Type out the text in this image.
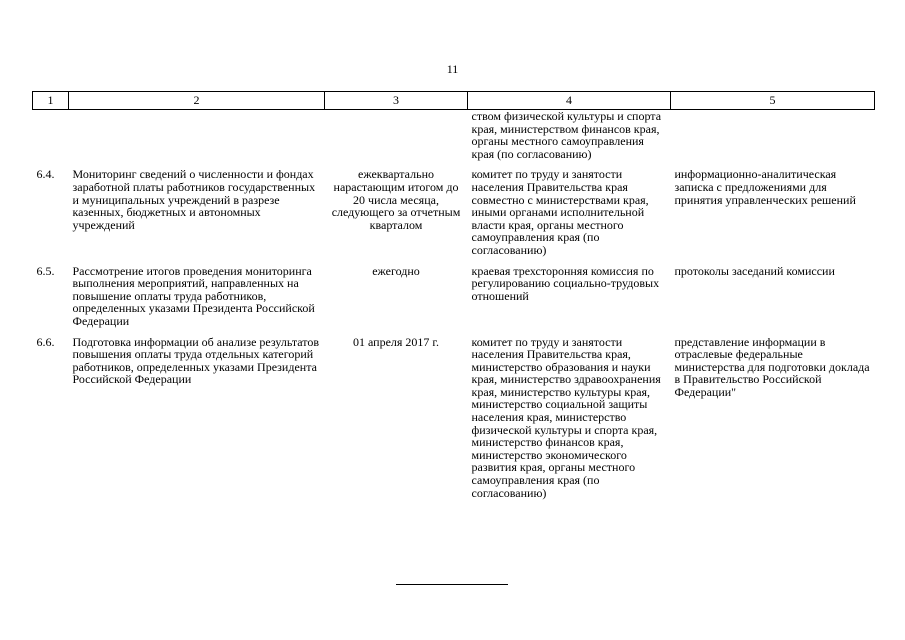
11
1	2	3	4	5
			ством физической культуры и спорта края, министерством финансов края, органы местного самоуправления края (по согласованию)	
6.4.	Мониторинг сведений о численности и фондах заработной платы работников государственных и муниципальных учреждений в разрезе казенных, бюджетных и автономных учреждений	ежеквартально нарастающим итогом до 20 числа месяца, следующего за отчетным кварталом	комитет по труду и занятости населения Правительства края совместно с министерствами края, иными органами исполнительной власти края, органы местного самоуправления края (по согласованию)	информационно-аналитическая записка с предложениями для принятия управленческих решений
6.5.	Рассмотрение итогов проведения мониторинга выполнения мероприятий, направленных на повышение оплаты труда работников, определенных указами Президента Российской Федерации	ежегодно	краевая трехсторонняя комиссия по регулированию социально-трудовых отношений	протоколы заседаний комиссии
6.6.	Подготовка информации об анализе результатов повышения оплаты труда отдельных категорий работников, определенных указами Президента Российской Федерации	01 апреля 2017 г.	комитет по труду и занятости населения Правительства края, министерство образования и науки края, министерство здравоохранения края, министерство культуры края, министерство социальной защиты населения края, министерство физической культуры и спорта края, министерство финансов края, министерство экономического развития края, органы местного самоуправления края (по согласованию)	представление информации в отраслевые федеральные министерства для подготовки доклада в Правительство Российской Федерации"
